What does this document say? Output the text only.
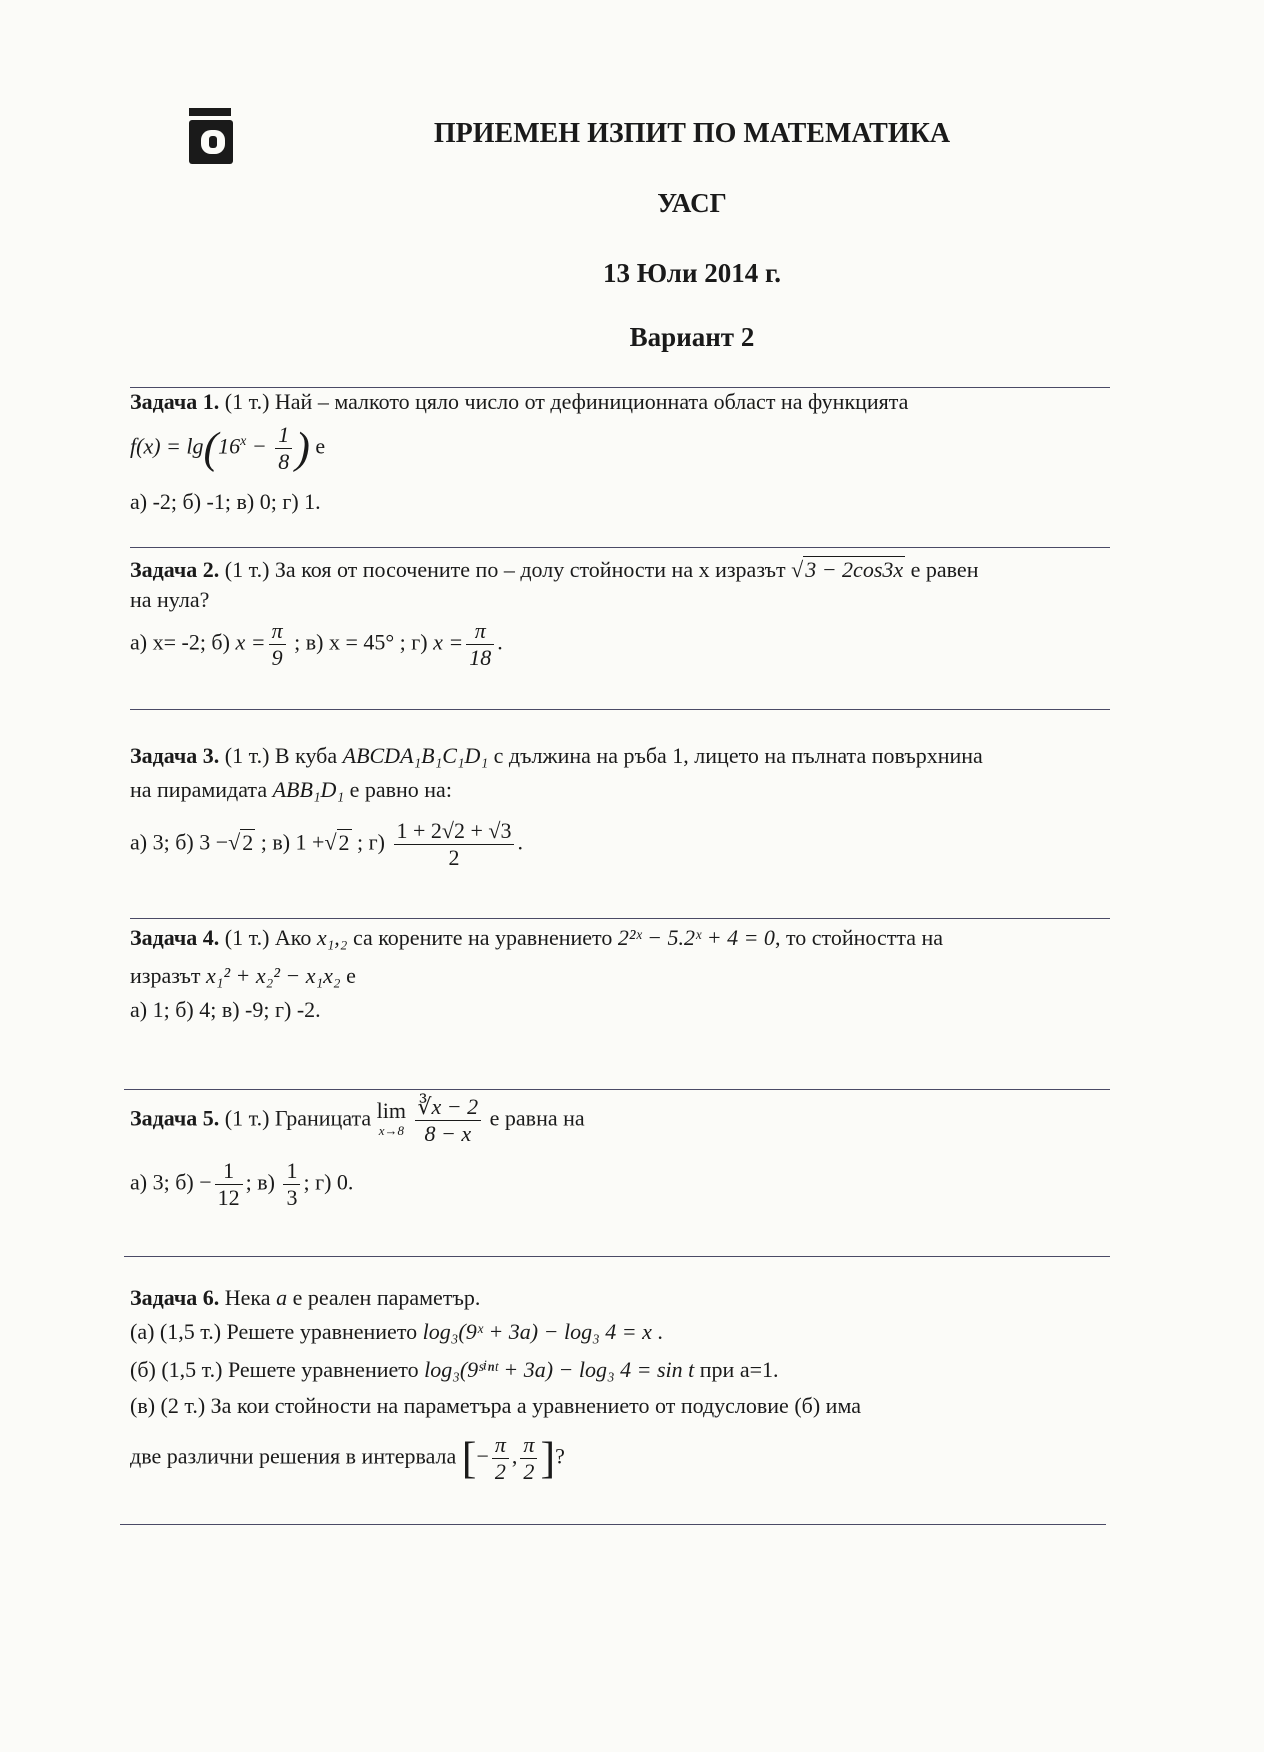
ПРИЕМЕН ИЗПИТ ПО МАТЕМАТИКА
УАСГ
13 Юли 2014 г.
Вариант 2
Задача 1. (1 т.) Най – малкото цяло число от дефиниционната област на функцията
$f(x) = \lg(16^x - \frac{1}{8}$ ) е
а) -2; б) -1; в) 0; г) 1.
Задача 2. (1 т.) За коя от посочените по – долу стойности на x изразът √3 − 2cos3x е равен
на нула?
а) x= -2; б) $x = \frac{\pi}{9}$ ; в) x = 45° ; г) $x = \frac{\pi}{18}$ .
Задача 3. (1 т.) В куба ABCDA₁B₁C₁D₁ с дължина на ръба 1, лицето на пълната повърхнина
на пирамидата ABB₁D₁ е равно на:
а) 3; б) 3 −√2 ; в) 1 +√2 ; $г) \frac{1 + 2√2 + √3}{2}$ .
Задача 4. (1 т.) Ако x₁,₂ са корените на уравнението 2²ˣ − 5.2ˣ + 4 = 0, то стойността на
изразът x₁² + x₂² − x₁x₂ е
а) 1; б) 4; в) -9; г) -2.
Задача 5. (1 т.) Границата lim
x→8
$\frac{∛x - 2}{8 - x}$ е равна на
а) 3; $б) - \frac{1}{12}$ ; $в) \frac{1}{3}$ ; г) 0.
Задача 6. Нека a е реален параметър.
(а) (1,5 т.) Решете уравнението log₃(9ˣ + 3a) − log₃ 4 = x .
(б) (1,5 т.) Решете уравнението log₃(9ˢⁱⁿᵗ + 3a) − log₃ 4 = sin t при a=1.
(в) (2 т.) За кои стойности на параметъра a уравнението от подусловие (б) има
две различни решения в интервала [− $\frac{\pi}{2}$ , $\frac{\pi}{2}$ ]?
